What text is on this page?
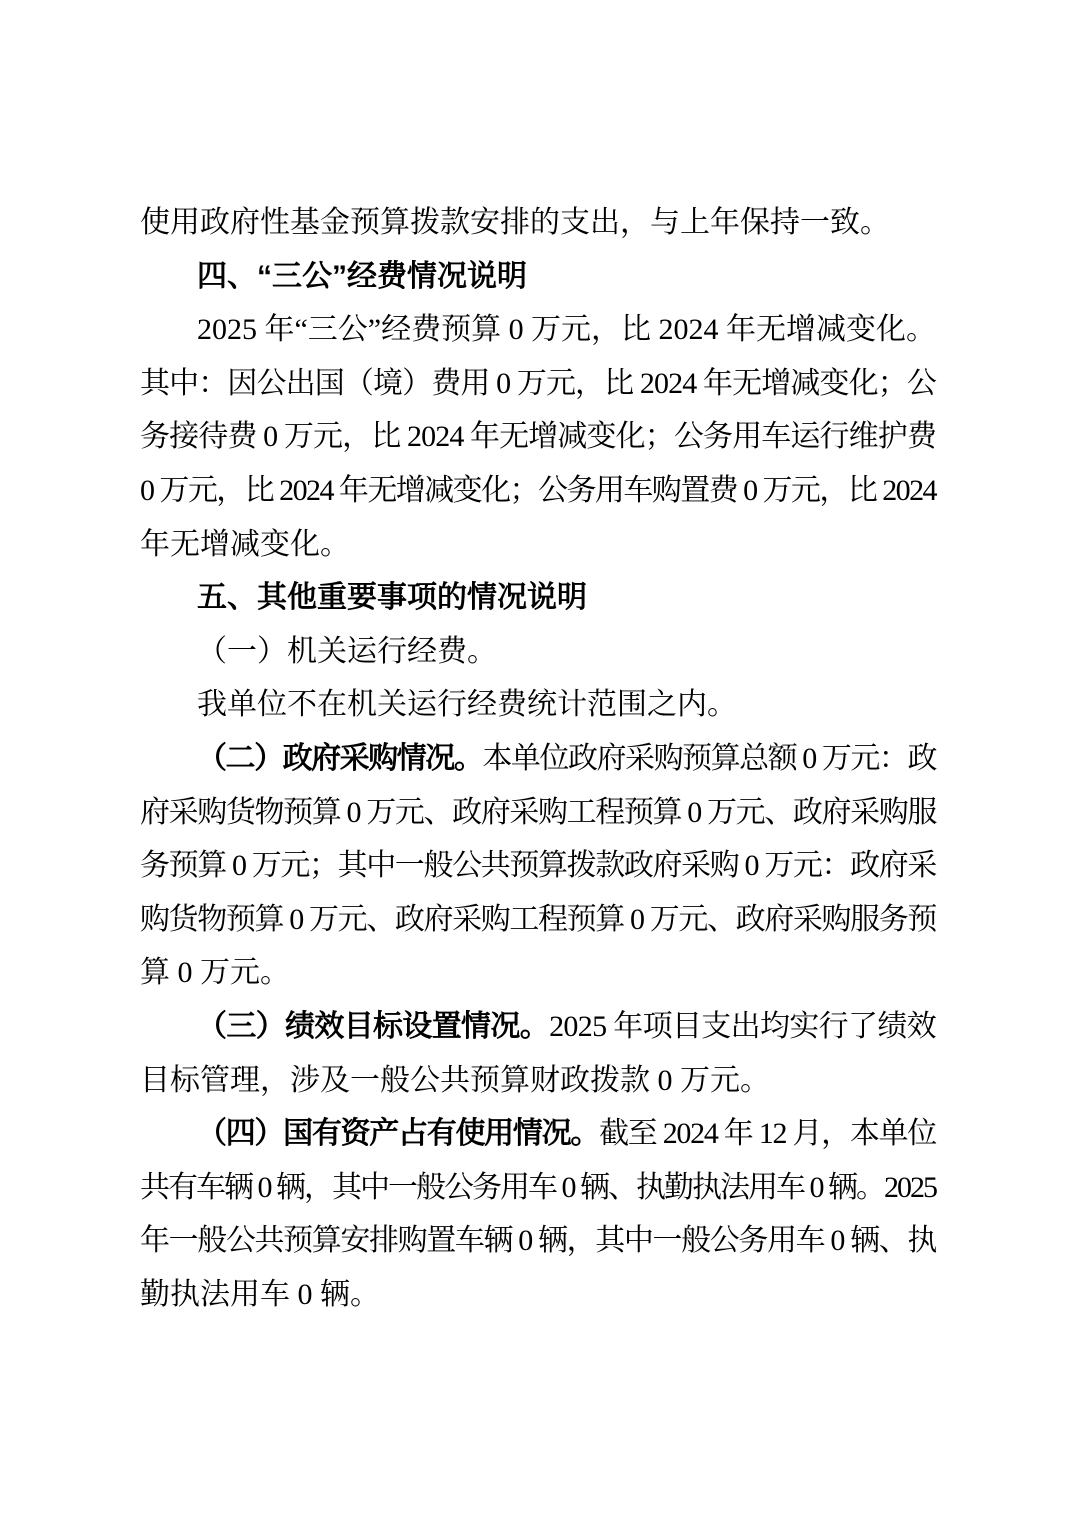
使用政府性基金预算拨款安排的支出，与上年保持一致。
四、“三公”经费情况说明
2025 年“三公”经费预算 0 万元，比 2024 年无增减变化。
其中：因公出国（境）费用 0 万元，比 2024 年无增减变化；公
务接待费 0 万元，比 2024 年无增减变化；公务用车运行维护费
0 万元，比 2024 年无增减变化；公务用车购置费 0 万元，比 2024
年无增减变化。
五、其他重要事项的情况说明
（一）机关运行经费。
我单位不在机关运行经费统计范围之内。
（二）政府采购情况。本单位政府采购预算总额 0 万元：政
府采购货物预算 0 万元、政府采购工程预算 0 万元、政府采购服
务预算 0 万元；其中一般公共预算拨款政府采购 0 万元：政府采
购货物预算 0 万元、政府采购工程预算 0 万元、政府采购服务预
算 0 万元。
（三）绩效目标设置情况。2025 年项目支出均实行了绩效
目标管理，涉及一般公共预算财政拨款 0 万元。
（四）国有资产占有使用情况。截至 2024 年 12 月，本单位
共有车辆 0 辆，其中一般公务用车 0 辆、执勤执法用车 0 辆。2025
年一般公共预算安排购置车辆 0 辆，其中一般公务用车 0 辆、执
勤执法用车 0 辆。
